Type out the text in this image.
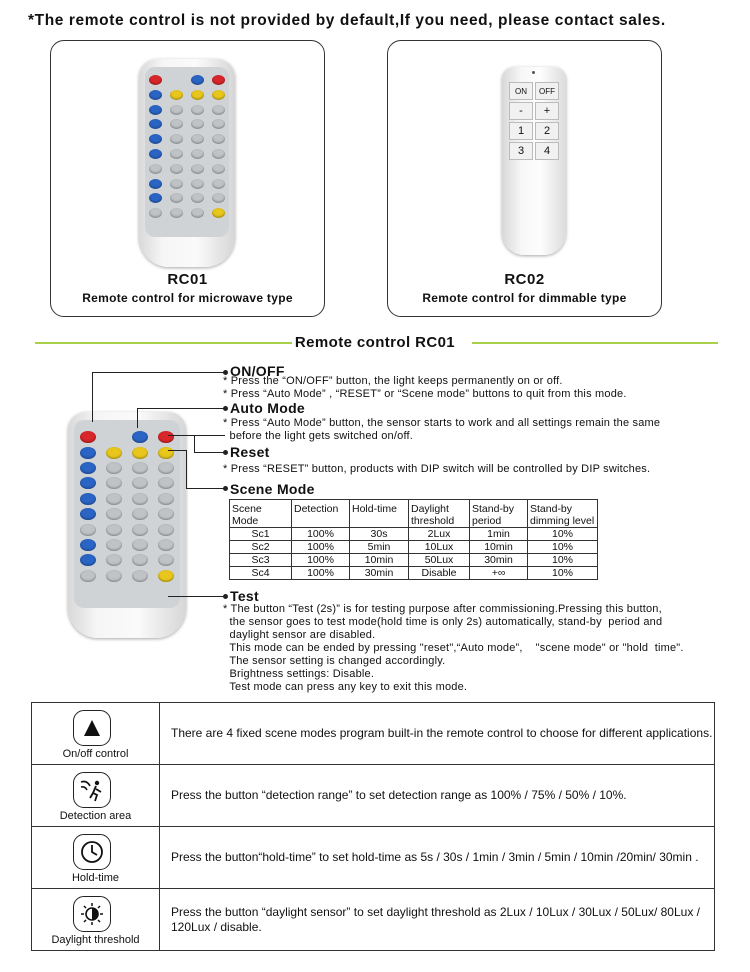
*The remote control is not provided by default,If you need, please contact sales.
RC01
Remote control for microwave type
ON	OFF
-	+
1	2
3	4
RC02
Remote control for dimmable type
Remote control RC01
ON/OFF
* Press the “ON/OFF” button, the light keeps permanently on or off.
* Press “Auto Mode” , “RESET” or “Scene mode” buttons to quit from this mode.
Auto Mode
* Press “Auto Mode” button, the sensor starts to work and all settings remain the same
before the light gets switched on/off.
Reset
* Press “RESET” button, products with DIP switch will be controlled by DIP switches.
Scene Mode
Scene Mode	Detection	Hold-time	Daylight threshold	Stand-by period	Stand-by dimming level
Sc1	100%	30s	2Lux	1min	10%
Sc2	100%	5min	10Lux	10min	10%
Sc3	100%	10min	50Lux	30min	10%
Sc4	100%	30min	Disable	+∞	10%
Test
* The button “Test (2s)” is for testing purpose after commissioning.Pressing this button,
the sensor goes to test mode(hold time is only 2s) automatically, stand-by  period and
daylight sensor are disabled.
This mode can be ended by pressing "reset",“Auto mode”,    "scene mode" or "hold  time".
The sensor setting is changed accordingly.
Brightness settings: Disable.
Test mode can press any key to exit this mode.
On/off control	There are 4 fixed scene modes program built-in the remote control to choose for different applications.

Detection area	Press the button “detection range” to set detection range as 100% / 75% / 50% / 10%.

Hold-time	Press the button“hold-time” to set hold-time as 5s / 30s / 1min / 3min / 5min / 10min /20min/ 30min .

Daylight threshold	Press the button “daylight sensor” to set daylight threshold as 2Lux / 10Lux / 30Lux / 50Lux/ 80Lux / 120Lux / disable.
